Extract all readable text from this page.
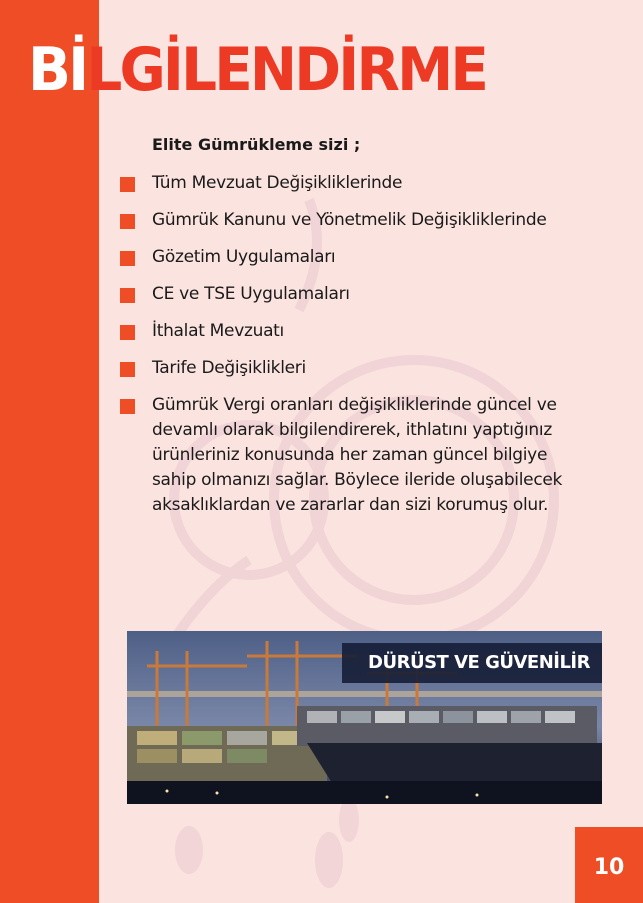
BİLGİLENDİRME

Elite Gümrükleme sizi ;

Tüm Mevzuat Değişikliklerinde
Gümrük Kanunu ve Yönetmelik Değişikliklerinde
Gözetim Uygulamaları
CE ve TSE Uygulamaları
İthalat Mevzuatı
Tarife Değişiklikleri
Gümrük Vergi oranları değişikliklerinde güncel ve devamlı olarak bilgilendirerek, ithlatını yaptığınız ürünleriniz konusunda her zaman güncel bilgiye sahip olmanızı sağlar. Böylece ileride oluşabilecek aksaklıklardan ve zararlar dan sizi korumuş olur.
DÜRÜST VE GÜVENİLİR
10
